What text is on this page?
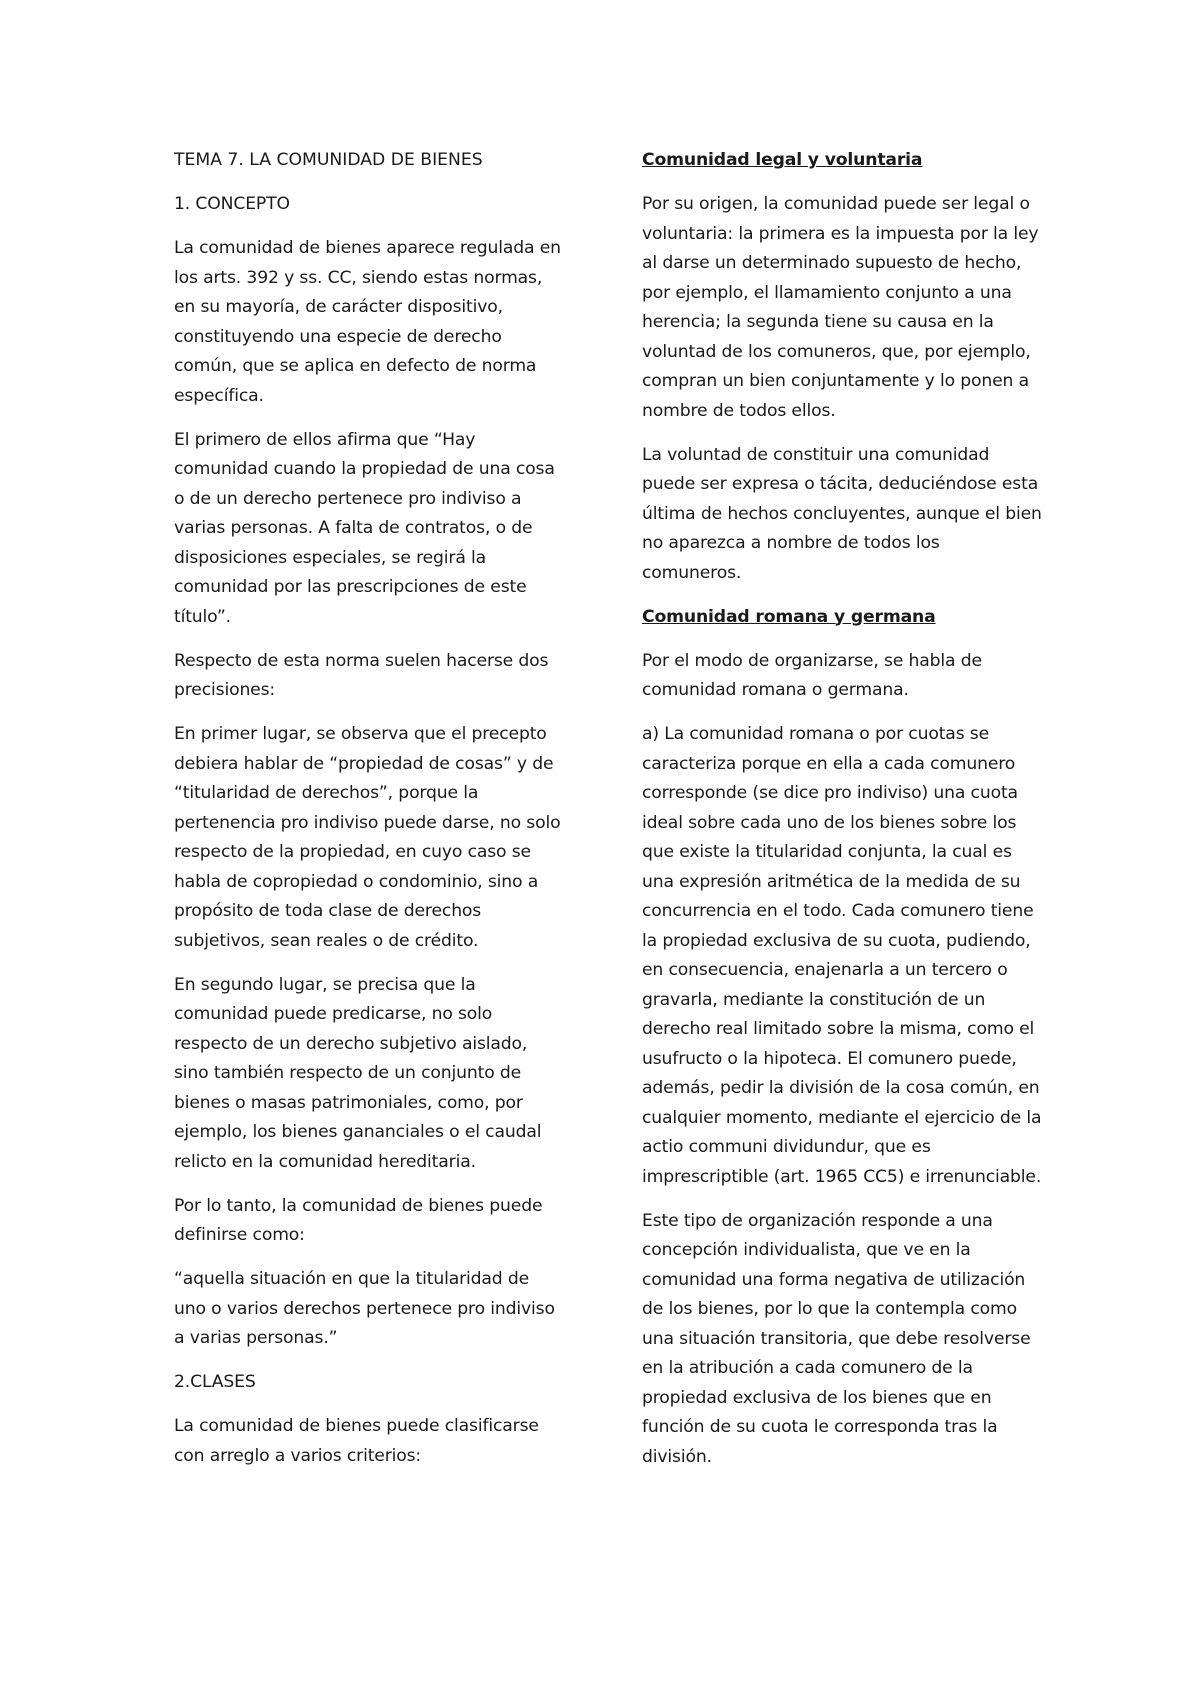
TEMA 7. LA COMUNIDAD DE BIENES

1. CONCEPTO

La comunidad de bienes aparece regulada en los arts. 392 y ss. CC, siendo estas normas, en su mayoría, de carácter dispositivo, constituyendo una especie de derecho común, que se aplica en defecto de norma específica.

El primero de ellos afirma que “Hay comunidad cuando la propiedad de una cosa o de un derecho pertenece pro indiviso a varias personas. A falta de contratos, o de disposiciones especiales, se regirá la comunidad por las prescripciones de este título”.

Respecto de esta norma suelen hacerse dos precisiones:

En primer lugar, se observa que el precepto debiera hablar de “propiedad de cosas” y de “titularidad de derechos”, porque la pertenencia pro indiviso puede darse, no solo respecto de la propiedad, en cuyo caso se habla de copropiedad o condominio, sino a propósito de toda clase de derechos subjetivos, sean reales o de crédito.

En segundo lugar, se precisa que la comunidad puede predicarse, no solo respecto de un derecho subjetivo aislado, sino también respecto de un conjunto de bienes o masas patrimoniales, como, por ejemplo, los bienes gananciales o el caudal relicto en la comunidad hereditaria.

Por lo tanto, la comunidad de bienes puede definirse como:

“aquella situación en que la titularidad de uno o varios derechos pertenece pro indiviso a varias personas.”

2.CLASES

La comunidad de bienes puede clasificarse con arreglo a varios criterios:

Comunidad legal y voluntaria

Por su origen, la comunidad puede ser legal o voluntaria: la primera es la impuesta por la ley al darse un determinado supuesto de hecho, por ejemplo, el llamamiento conjunto a una herencia; la segunda tiene su causa en la voluntad de los comuneros, que, por ejemplo, compran un bien conjuntamente y lo ponen a nombre de todos ellos.

La voluntad de constituir una comunidad puede ser expresa o tácita, deduciéndose esta última de hechos concluyentes, aunque el bien no aparezca a nombre de todos los comuneros.

Comunidad romana y germana

Por el modo de organizarse, se habla de comunidad romana o germana.

a) La comunidad romana o por cuotas se caracteriza porque en ella a cada comunero corresponde (se dice pro indiviso) una cuota ideal sobre cada uno de los bienes sobre los que existe la titularidad conjunta, la cual es una expresión aritmética de la medida de su concurrencia en el todo. Cada comunero tiene la propiedad exclusiva de su cuota, pudiendo, en consecuencia, enajenarla a un tercero o gravarla, mediante la constitución de un derecho real limitado sobre la misma, como el usufructo o la hipoteca. El comunero puede, además, pedir la división de la cosa común, en cualquier momento, mediante el ejercicio de la actio communi dividundur, que es imprescriptible (art. 1965 CC5) e irrenunciable.

Este tipo de organización responde a una concepción individualista, que ve en la comunidad una forma negativa de utilización de los bienes, por lo que la contempla como una situación transitoria, que debe resolverse en la atribución a cada comunero de la propiedad exclusiva de los bienes que en función de su cuota le corresponda tras la división.
